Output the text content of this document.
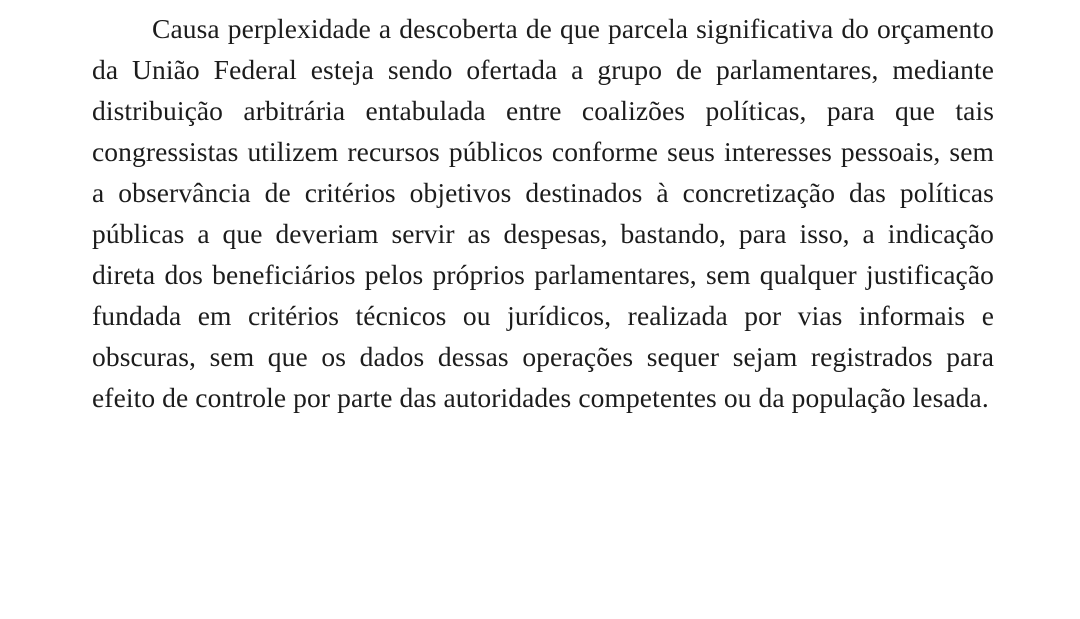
Causa perplexidade a descoberta de que parcela significativa do orçamento da União Federal esteja sendo ofertada a grupo de parlamentares, mediante distribuição arbitrária entabulada entre coalizões políticas, para que tais congressistas utilizem recursos públicos conforme seus interesses pessoais, sem a observância de critérios objetivos destinados à concretização das políticas públicas a que deveriam servir as despesas, bastando, para isso, a indicação direta dos beneficiários pelos próprios parlamentares, sem qualquer justificação fundada em critérios técnicos ou jurídicos, realizada por vias informais e obscuras, sem que os dados dessas operações sequer sejam registrados para efeito de controle por parte das autoridades competentes ou da população lesada.
